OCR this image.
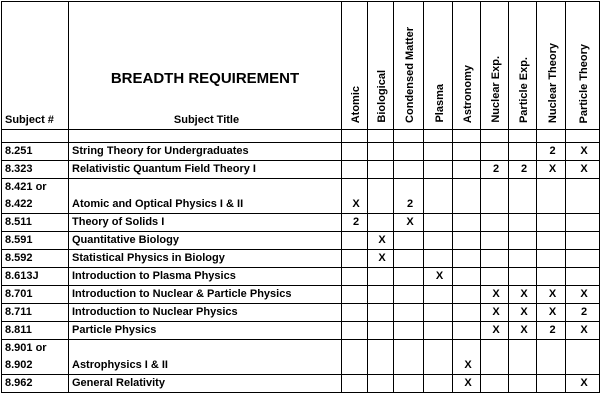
Subject #	BREADTH REQUIREMENT
Subject Title	Atomic	Biological	Condensed Matter	Plasma	Astronomy	Nuclear Exp.	Particle Exp.	Nuclear Theory	Particle Theory

8.251	String Theory for Undergraduates								2	X

8.323	Relativistic Quantum Field Theory I						2	2	X	X

8.421 or
8.422	Atomic and Optical Physics I & II	X		2						

8.511	Theory of Solids I	2		X						

8.591	Quantitative Biology		X							

8.592	Statistical Physics in Biology		X							

8.613J	Introduction to Plasma Physics				X					

8.701	Introduction to Nuclear & Particle Physics						X	X	X	X

8.711	Introduction to Nuclear Physics						X	X	X	2

8.811	Particle Physics						X	X	2	X

8.901 or
8.902	Astrophysics I & II					X				

8.962	General Relativity					X				X
